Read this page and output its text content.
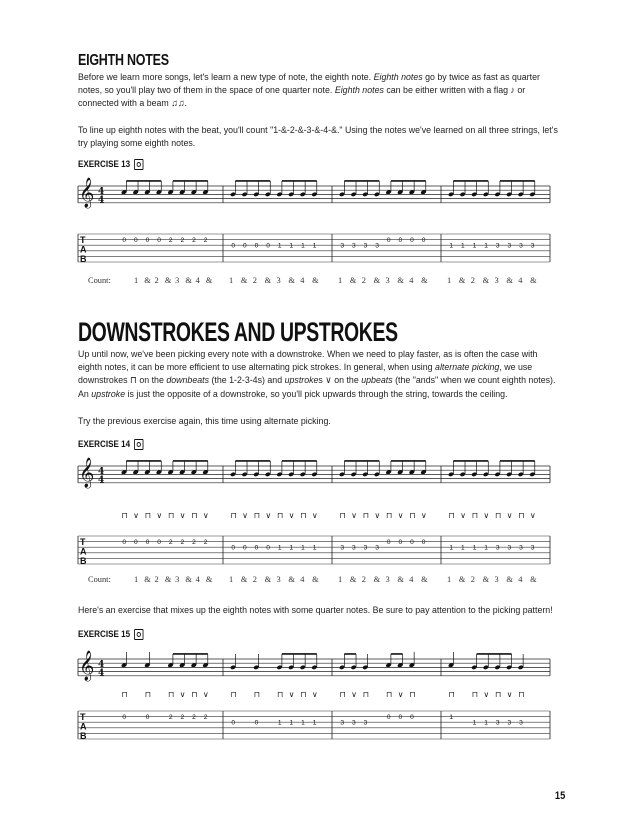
EIGHTH NOTES
Before we learn more songs, let's learn a new type of note, the eighth note. Eighth notes go by twice as fast as quarter notes, so you'll play two of them in the space of one quarter note. Eighth notes can be either written with a flag ♪ or connected with a beam ♫♫.
To line up eighth notes with the beat, you'll count "1-&-2-&-3-&-4-&." Using the notes we've learned on all three strings, let's try playing some eighth notes.
EXERCISE 13
𝄞 4
4
T
A
B
0 0 0 0 2 2 2 2
0 0 0 0 1 1 1 1	3 3 3 3
0 0 0 0
1 1 1 1 3 3 3 3
Count:	1 & 2 & 3 & 4 & 1 & 2 & 3 & 4 & 1 & 2 & 3 & 4 & 1 & 2 & 3 & 4 &
DOWNSTROKES AND UPSTROKES
Up until now, we've been picking every note with a downstroke. When we need to play faster, as is often the case with eighth notes, it can be more efficient to use alternating pick strokes. In general, when using alternate picking, we use downstrokes ⊓ on the downbeats (the 1-2-3-4s) and upstrokes ∨ on the upbeats (the "ands" when we count eighth notes). An upstroke is just the opposite of a downstroke, so you'll pick upwards through the string, towards the ceiling.
Try the previous exercise again, this time using alternate picking.
EXERCISE 14
𝄞 4
4
T
A
B
0
⊓
0
∨
0
⊓
0
∨
2
⊓
2
∨
2
⊓
2
∨
0
⊓
0
∨
0
⊓
0
∨
1
⊓
1
∨
1
⊓
1
∨
3
⊓
3
∨
3
⊓
3
∨
0
⊓
0
∨
0
⊓
0
∨
1
⊓
1
∨
1
⊓
1
∨
3
⊓
3
∨
3
⊓
3
∨
Count:	1 & 2 & 3 & 4 & 1 & 2 & 3 & 4 & 1 & 2 & 3 & 4 & 1 & 2 & 3 & 4 &
Here's an exercise that mixes up the eighth notes with some quarter notes. Be sure to pay attention to the picking pattern!
EXERCISE 15
𝄞 4
4
T
A
B
0
⊓
0
⊓
2
⊓
2
∨
2
⊓
2
∨
0
⊓
0
⊓
1
⊓
1
∨
1
⊓
1
∨
3
⊓
3
∨
3
⊓
0
⊓
0
∨
0
⊓
1
⊓
1
⊓
1
∨
3
⊓
3
∨
3
⊓
15
